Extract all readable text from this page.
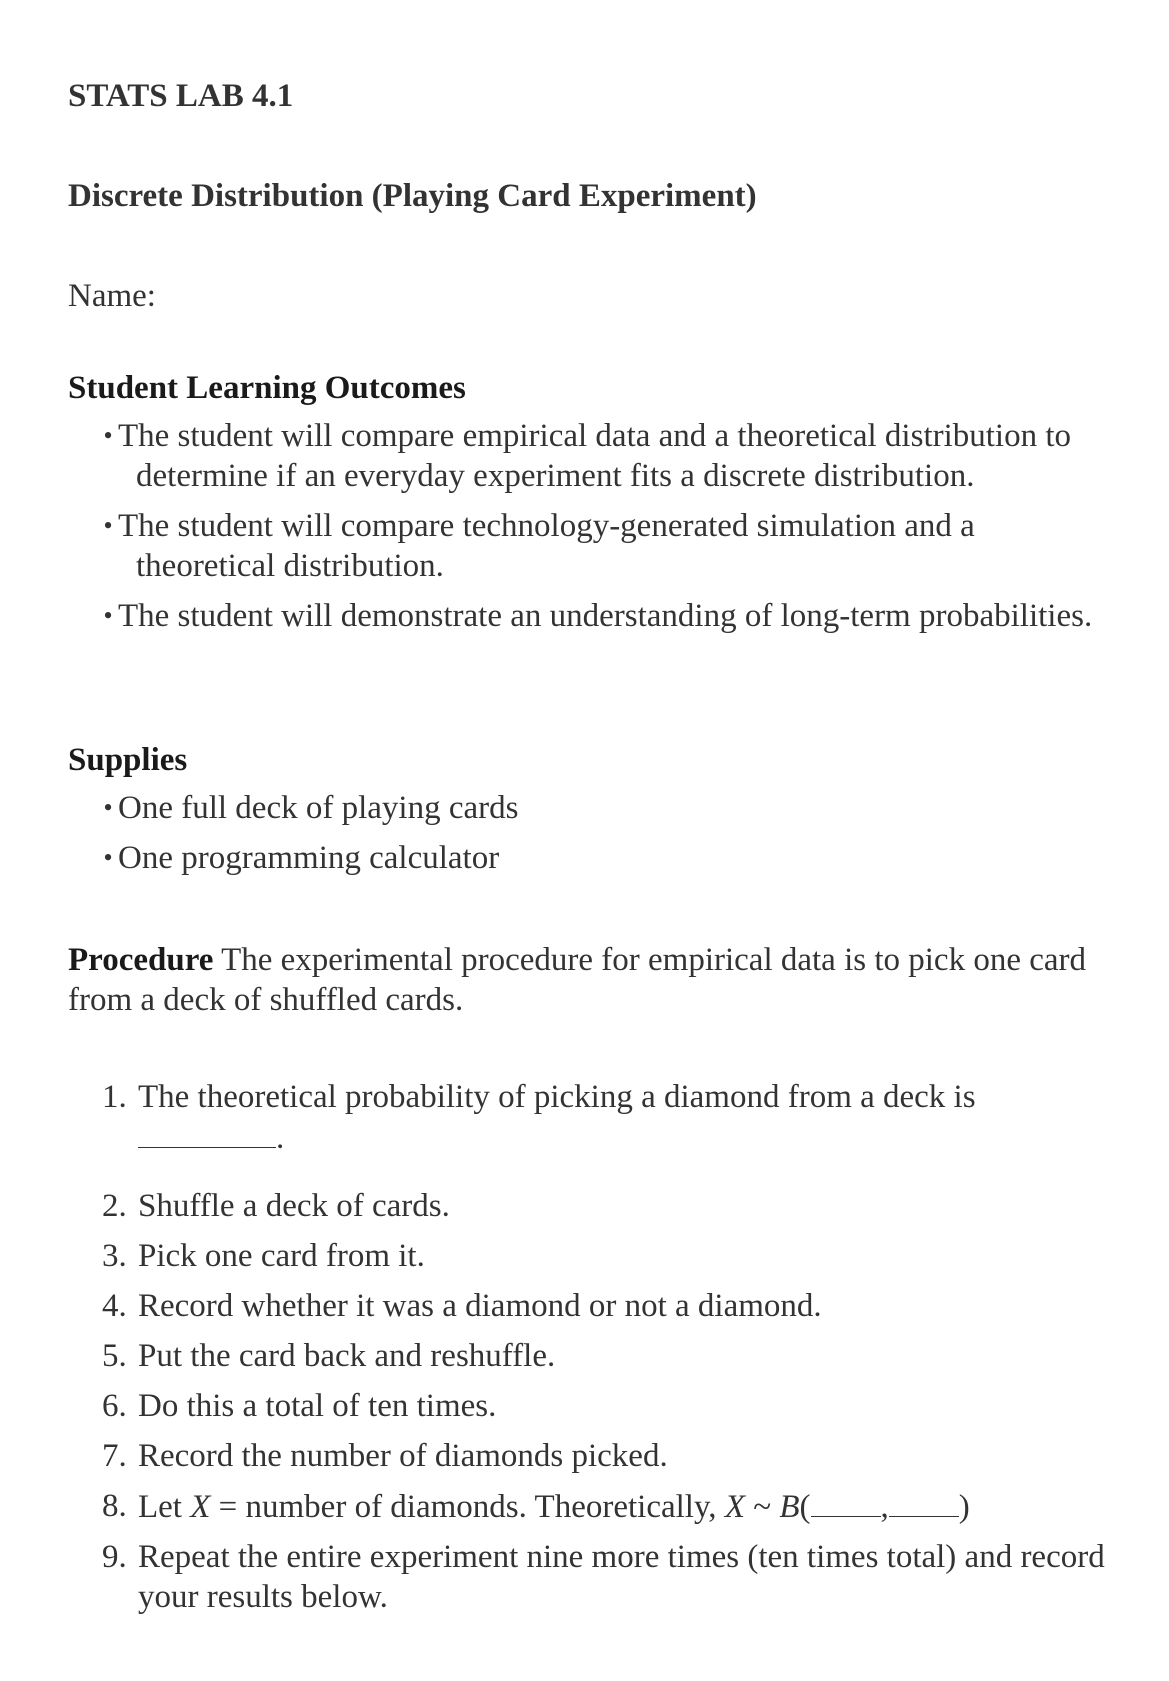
STATS LAB 4.1
Discrete Distribution (Playing Card Experiment)
Name:
Student Learning Outcomes
• The student will compare empirical data and a theoretical distribution to determine if an everyday experiment fits a discrete distribution.
• The student will compare technology-generated simulation and a theoretical distribution.
• The student will demonstrate an understanding of long-term probabilities.
Supplies
• One full deck of playing cards
• One programming calculator
Procedure The experimental procedure for empirical data is to pick one card from a deck of shuffled cards.
1. The theoretical probability of picking a diamond from a deck is
.
2. Shuffle a deck of cards.
3. Pick one card from it.
4. Record whether it was a diamond or not a diamond.
5. Put the card back and reshuffle.
6. Do this a total of ten times.
7. Record the number of diamonds picked.
8. Let X = number of diamonds. Theoretically, X ~ B( , )
9. Repeat the entire experiment nine more times (ten times total) and record your results below.
